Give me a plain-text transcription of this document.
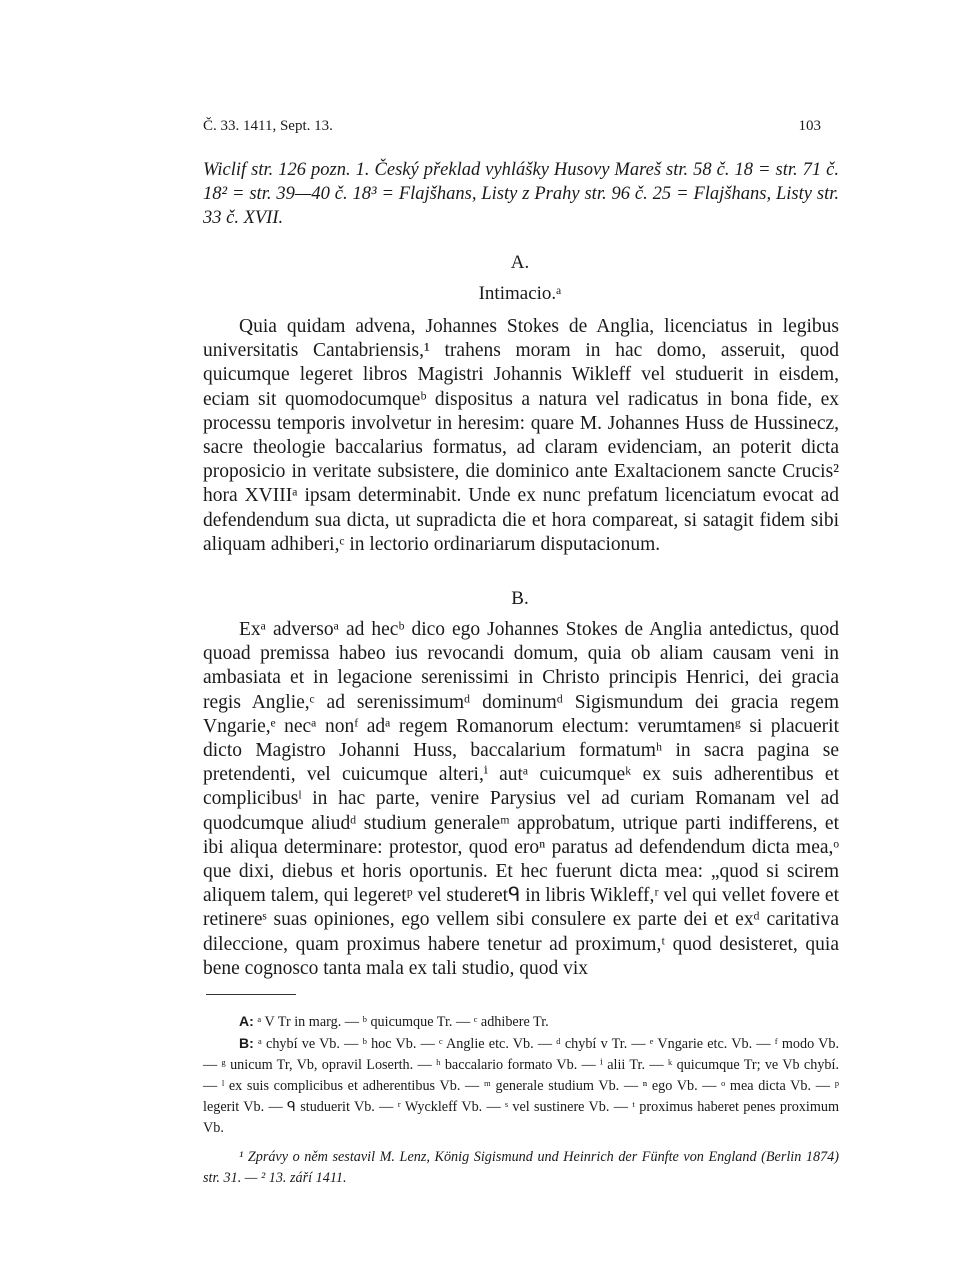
Č. 33. 1411, Sept. 13.	103
Wiclif str. 126 pozn. 1. Český překlad vyhlášky Husovy Mareš str. 58 č. 18 = str. 71 č. 18² = str. 39—40 č. 18³ = Flajšhans, Listy z Prahy str. 96 č. 25 = Flajšhans, Listy str. 33 č. XVII.
A.
Intimacio.ᵃ

Quia quidam advena, Johannes Stokes de Anglia, licenciatus in legibus universitatis Cantabriensis,¹ trahens moram in hac domo, asseruit, quod quicumque legeret libros Magistri Johannis Wikleff vel studuerit in eisdem, eciam sit quomodocumqueᵇ dispositus a natura vel radicatus in bona fide, ex processu temporis involvetur in heresim: quare M. Johannes Huss de Hussinecz, sacre theologie baccalarius formatus, ad claram evidenciam, an poterit dicta proposicio in veritate subsistere, die dominico ante Exaltacionem sancte Crucis² hora XVIIIᵃ ipsam determinabit. Unde ex nunc prefatum licenciatum evocat ad defendendum sua dicta, ut supradicta die et hora compareat, si satagit fidem sibi aliquam adhiberi,ᶜ in lectorio ordinariarum disputacionum.

B.

Exᵃ adversoᵃ ad hecᵇ dico ego Johannes Stokes de Anglia antedictus, quod quoad premissa habeo ius revocandi domum, quia ob aliam causam veni in ambasiata et in legacione serenissimi in Christo principis Henrici, dei gracia regis Anglie,ᶜ ad serenissimumᵈ dominumᵈ Sigismundum dei gracia regem Vngarie,ᵉ necᵃ nonᶠ adᵃ regem Romanorum electum: verumtamenᵍ si placuerit dicto Magistro Johanni Huss, baccalarium formatumʰ in sacra pagina se pretendenti, vel cuicumque alteri,ⁱ autᵃ cuicumqueᵏ ex suis adherentibus et complicibusˡ in hac parte, venire Parysius vel ad curiam Romanam vel ad quodcumque aliudᵈ studium generaleᵐ approbatum, utrique parti indifferens, et ibi aliqua determinare: protestor, quod eroⁿ paratus ad defendendum dicta mea,ᵒ que dixi, diebus et horis oportunis. Et hec fuerunt dicta mea: „quod si scirem aliquem talem, qui legeretᵖ vel studeretᑫ in libris Wikleff,ʳ vel qui vellet fovere et retinereˢ suas opiniones, ego vellem sibi consulere ex parte dei et exᵈ caritativa dileccione, quam proximus habere tenetur ad proximum,ᵗ quod desisteret, quia bene cognosco tanta mala ex tali studio, quod vix

A: ᵃ V Tr in marg. — ᵇ quicumque Tr. — ᶜ adhibere Tr.

B: ᵃ chybí ve Vb. — ᵇ hoc Vb. — ᶜ Anglie etc. Vb. — ᵈ chybí v Tr. — ᵉ Vngarie etc. Vb. — ᶠ modo Vb. — ᵍ unicum Tr, Vb, opravil Loserth. — ʰ baccalario formato Vb. — ⁱ alii Tr. — ᵏ quicumque Tr; ve Vb chybí. — ˡ ex suis complicibus et adherentibus Vb. — ᵐ generale studium Vb. — ⁿ ego Vb. — ᵒ mea dicta Vb. — ᵖ legerit Vb. — ᑫ studuerit Vb. — ʳ Wyckleff Vb. — ˢ vel sustinere Vb. — ᵗ proximus haberet penes proximum Vb.

¹ Zprávy o něm sestavil M. Lenz, König Sigismund und Heinrich der Fünfte von England (Berlin 1874) str. 31. — ² 13. září 1411.
